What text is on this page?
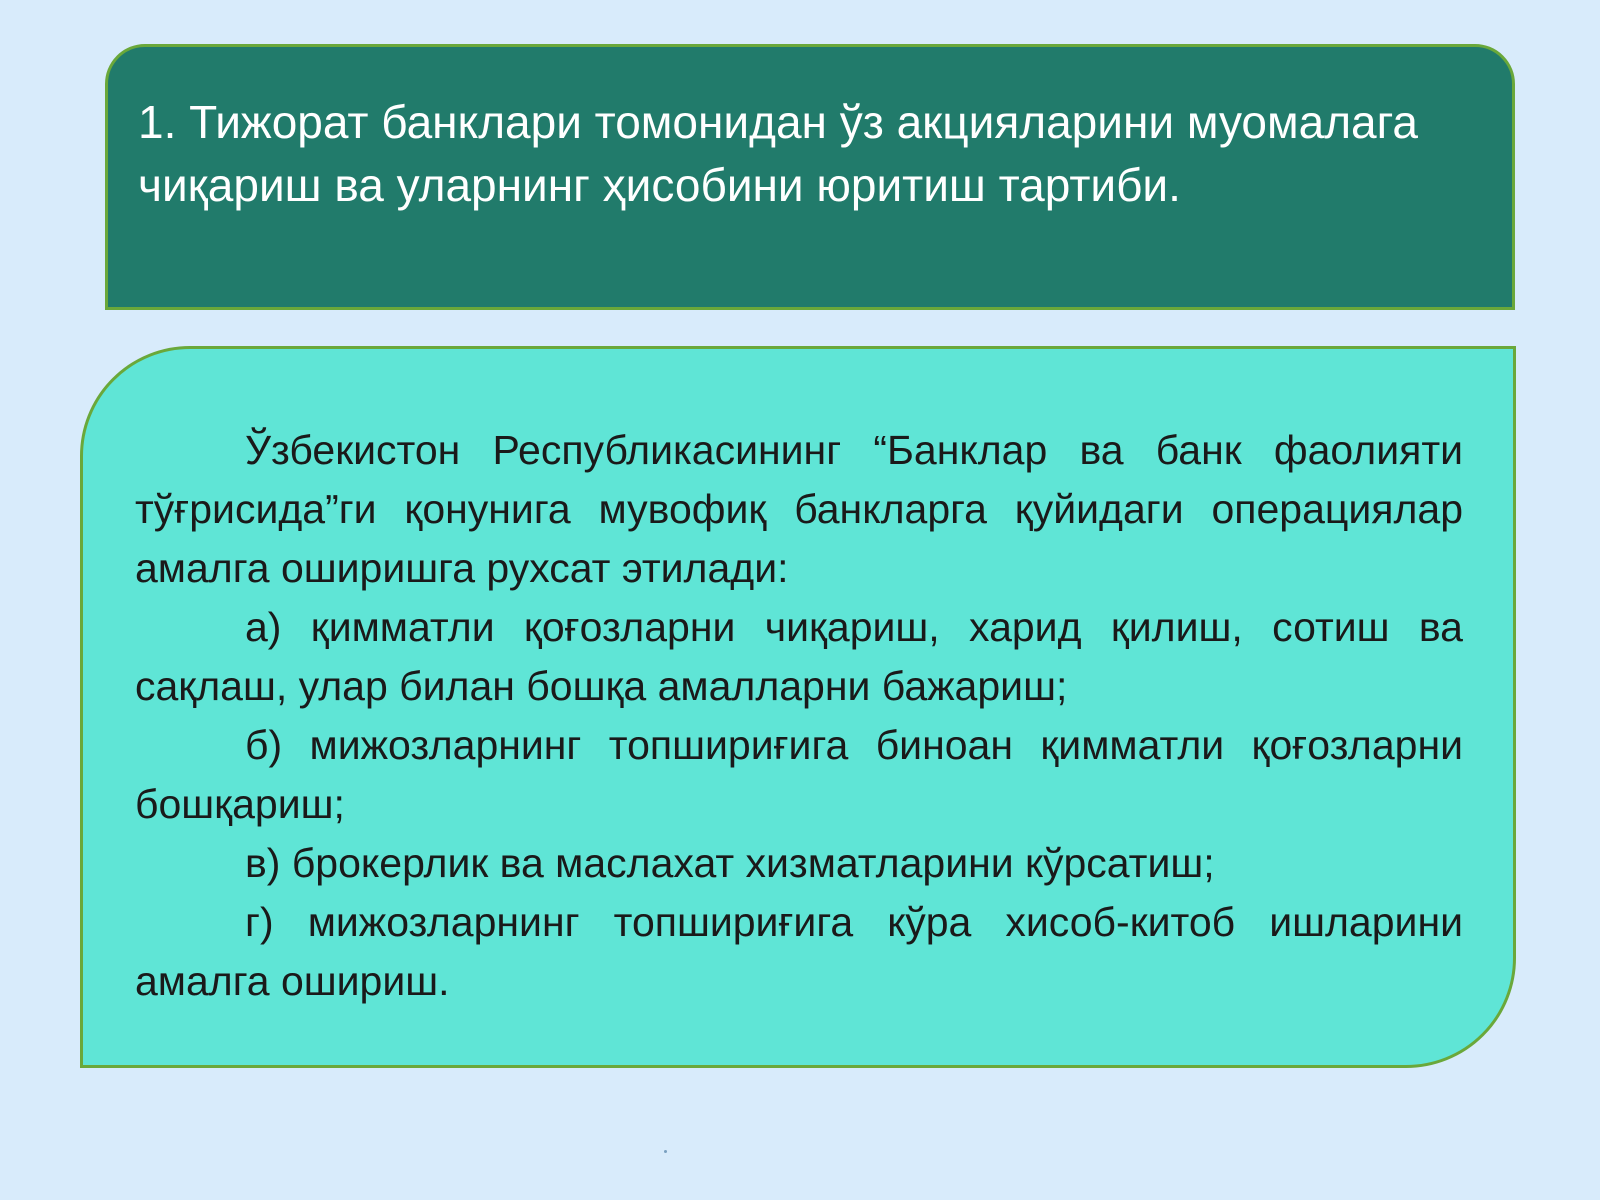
1. Тижорат банклари томонидан ўз акцияларини муомалага чиқариш ва уларнинг ҳисобини юритиш тартиби.

Ўзбекистон Республикасининг “Банклар ва банк фаолияти тўғрисида”ги қонунига мувофиқ банкларга қуйидаги операциялар амалга оширишга рухсат этилади:

а) қимматли қоғозларни чиқариш, харид қилиш, сотиш ва сақлаш, улар билан бошқа амалларни бажариш;

б) мижозларнинг топшириғига биноан қимматли қоғозларни бошқариш;

в) брокерлик ва маслахат хизматларини кўрсатиш;

г) мижозларнинг топшириғига кўра хисоб-китоб ишларини амалга ошириш.
